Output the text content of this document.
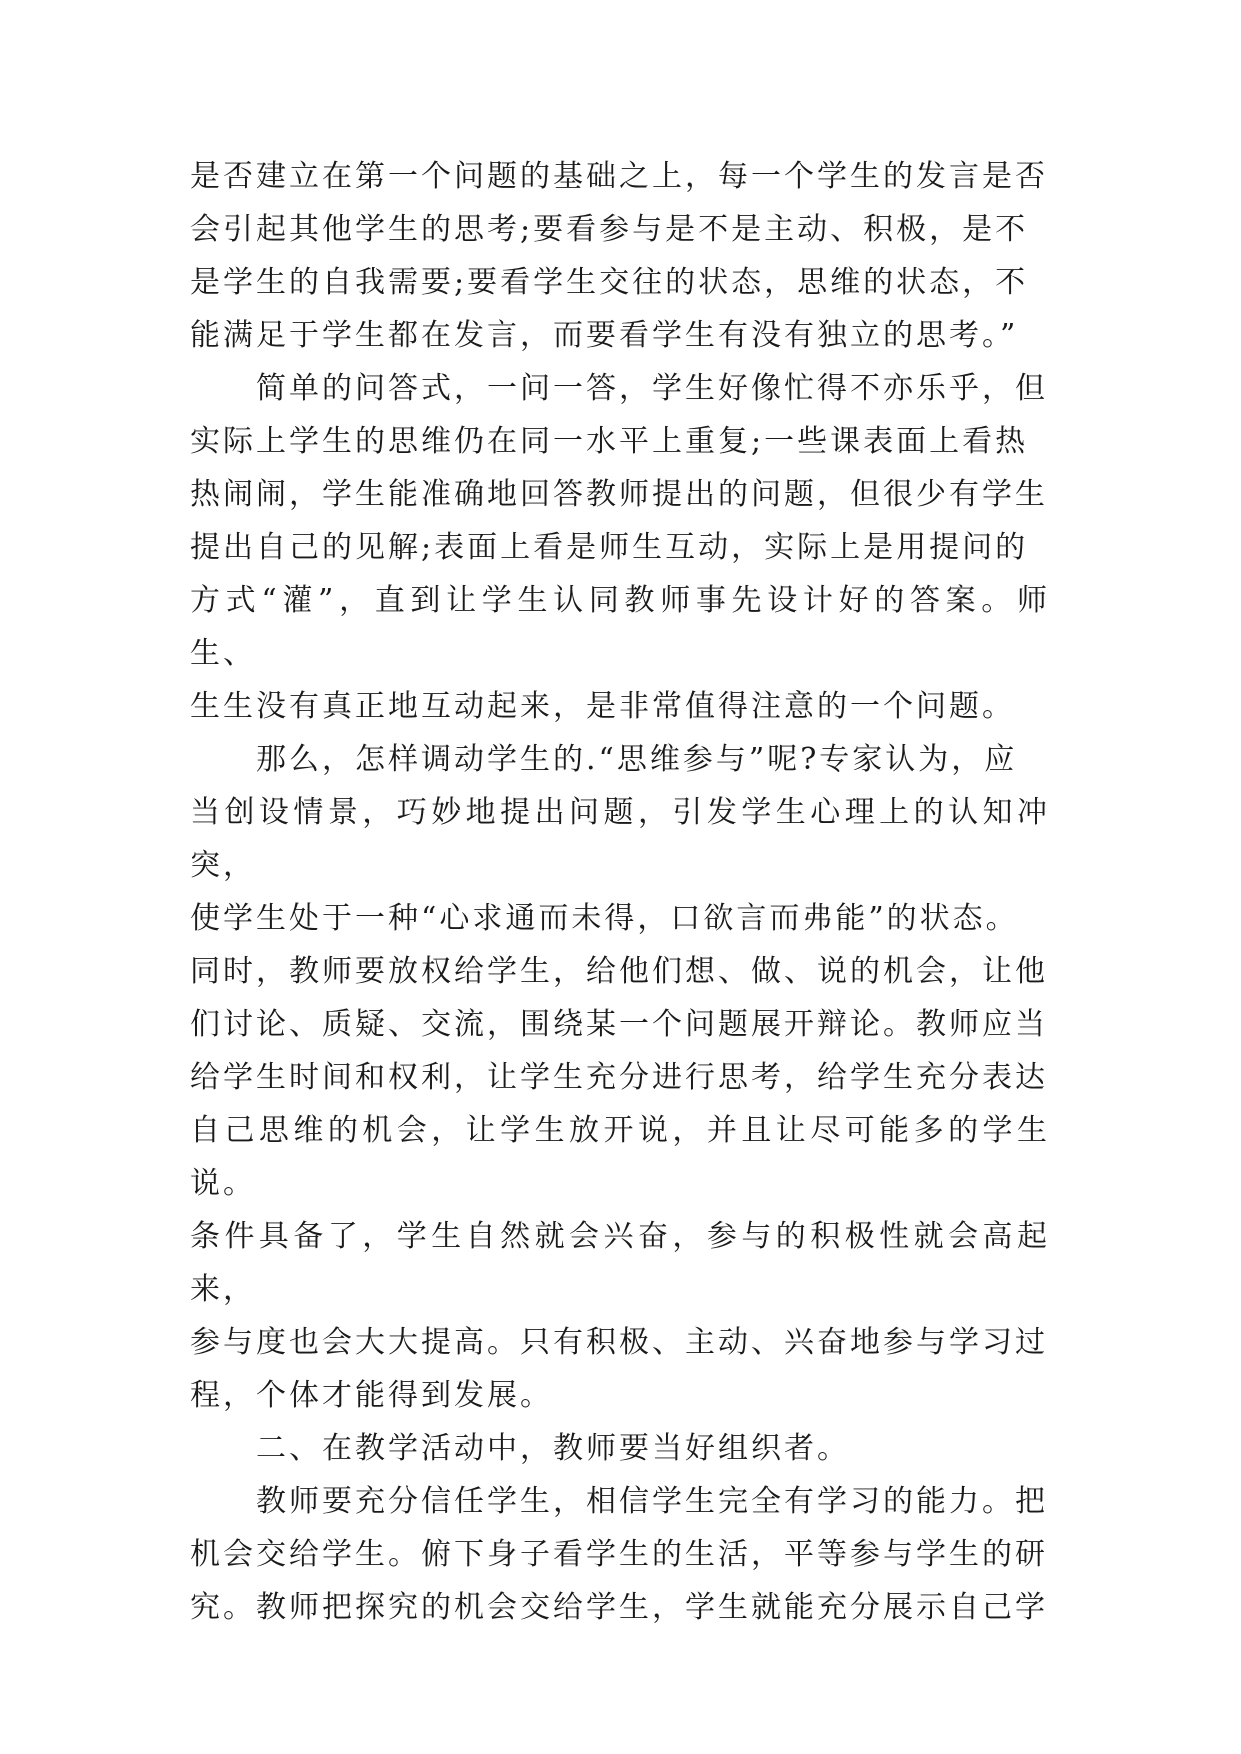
是否建立在第一个问题的基础之上，每一个学生的发言是否
会引起其他学生的思考;要看参与是不是主动、积极，是不
是学生的自我需要;要看学生交往的状态，思维的状态，不
能满足于学生都在发言，而要看学生有没有独立的思考。”
简单的问答式，一问一答，学生好像忙得不亦乐乎，但
实际上学生的思维仍在同一水平上重复;一些课表面上看热
热闹闹，学生能准确地回答教师提出的问题，但很少有学生
提出自己的见解;表面上看是师生互动，实际上是用提问的
方式“灌”，直到让学生认同教师事先设计好的答案。师生、
生生没有真正地互动起来，是非常值得注意的一个问题。
那么，怎样调动学生的.“思维参与”呢?专家认为，应
当创设情景，巧妙地提出问题，引发学生心理上的认知冲突，
使学生处于一种“心求通而未得，口欲言而弗能”的状态。
同时，教师要放权给学生，给他们想、做、说的机会，让他
们讨论、质疑、交流，围绕某一个问题展开辩论。教师应当
给学生时间和权利，让学生充分进行思考，给学生充分表达
自己思维的机会，让学生放开说，并且让尽可能多的学生说。
条件具备了，学生自然就会兴奋，参与的积极性就会高起来，
参与度也会大大提高。只有积极、主动、兴奋地参与学习过
程，个体才能得到发展。
二、在教学活动中，教师要当好组织者。
教师要充分信任学生，相信学生完全有学习的能力。把
机会交给学生。俯下身子看学生的生活，平等参与学生的研
究。教师把探究的机会交给学生，学生就能充分展示自己学
